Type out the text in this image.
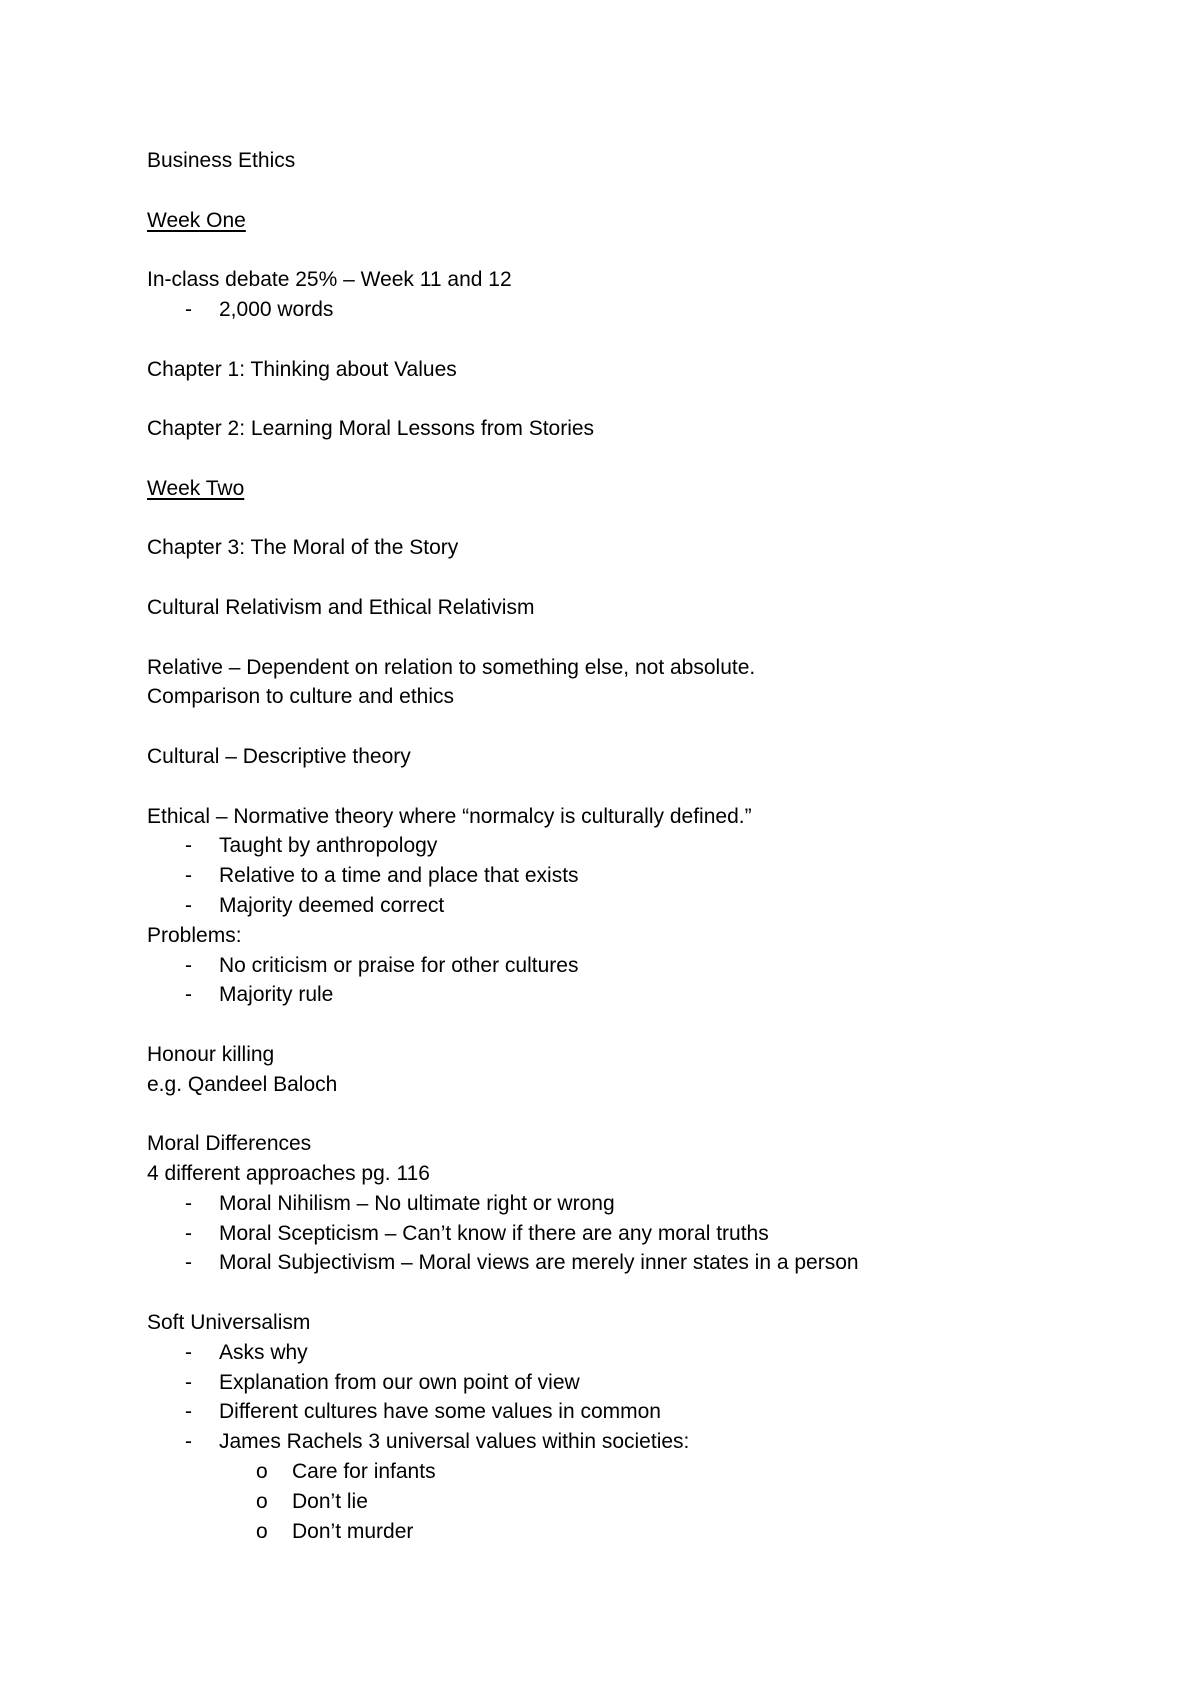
Business Ethics
Week One
In-class debate 25% – Week 11 and 12
- 2,000 words
Chapter 1: Thinking about Values
Chapter 2: Learning Moral Lessons from Stories
Week Two
Chapter 3: The Moral of the Story
Cultural Relativism and Ethical Relativism
Relative – Dependent on relation to something else, not absolute.
Comparison to culture and ethics
Cultural – Descriptive theory
Ethical – Normative theory where “normalcy is culturally defined.”
- Taught by anthropology
- Relative to a time and place that exists
- Majority deemed correct
Problems:
- No criticism or praise for other cultures
- Majority rule
Honour killing
e.g. Qandeel Baloch
Moral Differences
4 different approaches pg. 116
- Moral Nihilism – No ultimate right or wrong
- Moral Scepticism – Can’t know if there are any moral truths
- Moral Subjectivism – Moral views are merely inner states in a person
Soft Universalism
- Asks why
- Explanation from our own point of view
- Different cultures have some values in common
- James Rachels 3 universal values within societies:
o Care for infants
o Don’t lie
o Don’t murder
